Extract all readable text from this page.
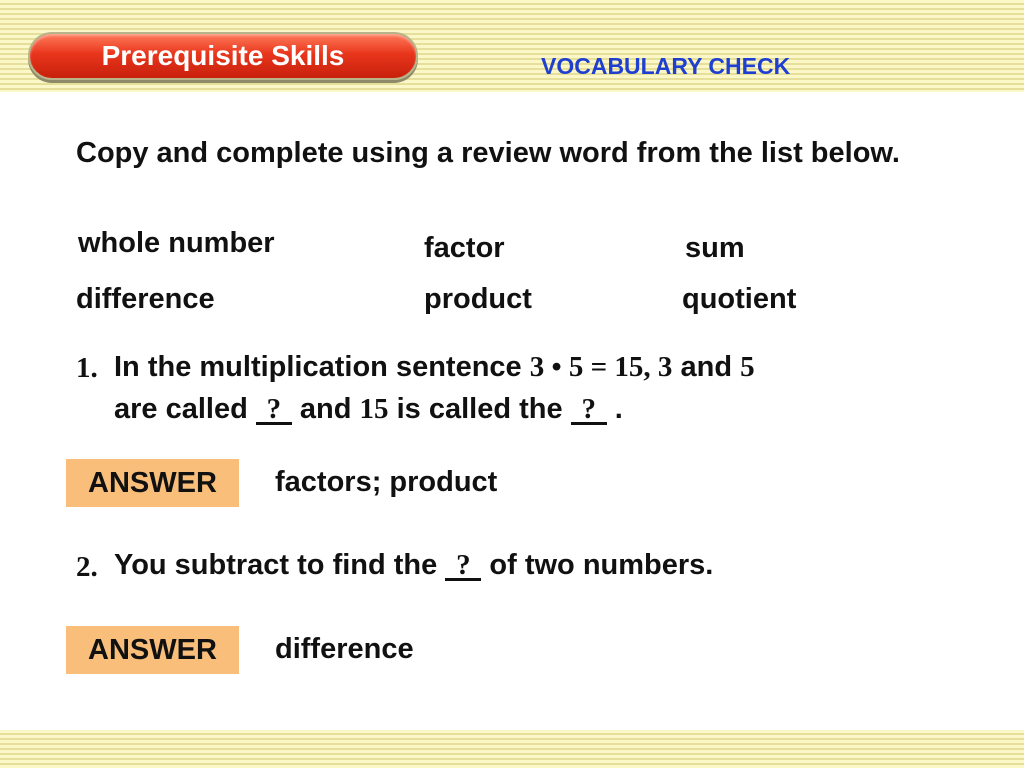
Prerequisite Skills	VOCABULARY CHECK
Copy and complete using a review word from the list below.
whole number	factor	sum
difference	product	quotient
1. In the multiplication sentence 3 • 5 = 15, 3 and 5
are called ? and 15 is called the ? .
ANSWER	factors; product
2. You subtract to find the ? of two numbers.
ANSWER	difference
